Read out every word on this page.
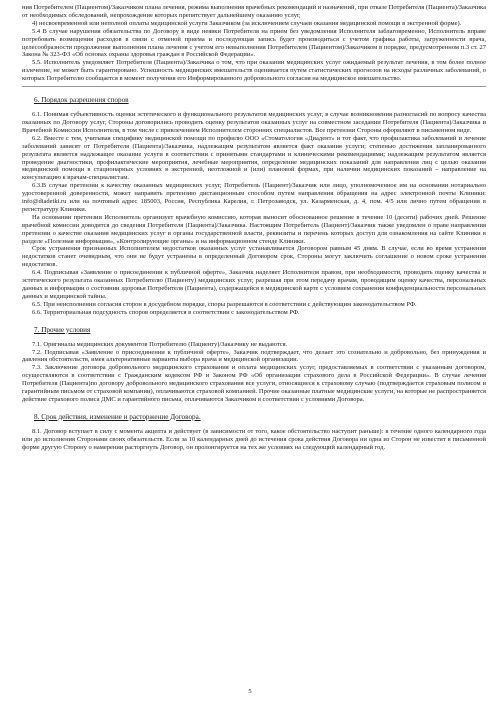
ния Потребителем (Пациентом)/Заказчиком плана лечения, режима выполнения врачебных рекомендаций и назначений, при отказе Потребителя (Пациента)/Заказчика от необходимых обследований, непрохождение которых препятствует дальнейшему оказанию услуг,

4) несвоевременной или неполной оплаты медицинской услуги Заказчиком (за исключением случаев оказания медицинской помощи в экстренной форме).

5.4 В случае нарушения обязательства по Договору в виде неявки Потребителя на прием без уведомления Исполнителя заблаговременно, Исполнитель вправе потребовать возмещения расходов в связи с отменой приема и последующая запись будет производиться с учетом графика работы, загруженности врача, целесообразности продолжения выполнения плана лечения с учетом его невыполнения Потребителем (Пациентом)/Заказчиком в порядке, предусмотренном п.3 ст. 27 Закона № 323-ФЗ «Об основах охраны здоровья граждан в Российской Федерации».

5.5. Исполнитель уведомляет Потребителя (Пациента)/Заказчика о том, что при оказании медицинских услуг ожидаемый результат лечения, в том более полное излечение, не может быть гарантировано. Успешность медицинских вмешательств оценивается путем статистических прогнозов на исходы различных заболеваний, о которых Потребителю сообщается в момент получения его Информированного добровольного согласия на медицинское вмешательство.

6. Порядок разрешения споров

6.1. Понимая субъективность оценки эстетического и функционального результатов медицинских услуг, в случае возникновения разногласий по вопросу качества оказанных по Договору услуг, Стороны договорились проводить оценку результатов оказанных услуг на совместном заседании Потребителя (Пациента)/Заказчика и Врачебной Комиссии Исполнителя, в том числе с привлечением Исполнителем сторонних специалистов. Все претензии Стороны оформляют в письменном виде.

6.2. Вместе с тем, учитывая специфику медицинской помощи по профилю ООО «Стоматология «Диадент» и тот факт, что профилактика заболеваний и лечение заболеваний зависят от Потребителя (Пациента)/Заказчика, надлежащим результатом является факт оказания услуги; степенью достижения запланированного результата является надлежащее оказание услуги в соответствии с принятыми стандартами и клиническими рекомендациями; надлежащим результатом является проведение диагностики, профилактические мероприятия, лечебные мероприятия, определение медицинских показаний для направления лиц с целью оказания медицинской помощи в стационарных условиях в экстренной, неотложной и (или) плановой формах, при наличии медицинских показаний – направление на консультацию к врачам-специалистам.

6.3.В случае претензии к качеству оказанных медицинских услуг, Потребитель (Пациент)/Заказчик или лицо, уполномоченное им на основании нотариально удостоверенной доверенности, может направить претензию дистанционным способом путем направления обращения на адрес электронной почты Клиники: info@diadetki.ru или на почтовый адрес 185003, Россия, Республика Карелия, г. Петрозаводск, ул. Казарменская, д. 4, пом. 4/5 или лично путем обращения в регистратуру Клиники.

На основании претензии Исполнитель организует врачебную комиссию, которая выносит обоснованное решение в течение 10 (десяти) рабочих дней. Решение врачебной комиссии доводится до сведения Потребителя (Пациента)/Заказчика. Настоящим Потребитель (Пациент)/Заказчик также уведомлен о праве направления претензии о качестве оказания медицинских услуг в органы государственной власти, реквизиты и перечень которых доступ для ознакомления на сайте Клиники в разделе «Полезная информация», «Контролирующие органы» и на информационном стенде Клиники.

Срок устранения признанных Исполнителем недостатков оказанных услуг устанавливается Договором равным 45 дням. В случае, если во время устранения недостатков станет очевидным, что они не будут устранены в определенный Договором срок, Стороны могут заключить соглашение о новом сроке устранения недостатков.

6.4. Подписывая «Заявление о присоединении к публичной оферте», Заказчик наделяет Исполнителя правом, при необходимости, проводить оценку качества и эстетического результата оказанных Потребителю (Пациенту) медицинских услуг, разрешая при этом передачу врачам, проводящим оценку качества, персональных данных и информации о состоянии здоровья Потребителя (Пациента), содержащейся в медицинской карте с условием сохранения конфиденциальности персональных данных и медицинской тайны.

6.5. При неисполнении согласия сторон в досудебном порядке, споры разрешаются в соответствии с действующим законодательством РФ.

6.6. Территориальная подсудность споров определяется в соответствии с законодательством РФ.

7. Прочие условия

7.1. Оригиналы медицинских документов Потребителю (Пациенту)/Заказчику не выдаются.

7.2. Подписывая «Заявление о присоединении к публичной оферте», Заказчик подтверждает, что делает это сознательно и добровольно, без принуждения и давления обстоятельств, имея альтернативные варианты выбора врача и медицинской организации.

7.3. Заключение договора добровольного медицинского страхования и оплата медицинских услуг, предоставляемых в соответствии с указанным договором, осуществляются в соответствии с Гражданским кодексом РФ и Законом РФ «Об организации страхового дела в Российской Федерации». В случае лечения Потребителя (Пациента)по договору добровольного медицинского страхования все услуги, относящиеся к страховому случаю (подтверждается страховым полисом и гарантийным письмом от страховой компании), оплачиваются страховой компанией. Прочие оказанные платные медицинские услуги, на которые не распространяется действие страхового полиса ДМС и гарантийного письма, оплачиваются Заказчиком в соответствии с условиями Договора.

8. Срок действия, изменение и расторжение Договора.

8.1. Договор вступает в силу с момента акцепта и действует (в зависимости от того, какое обстоятельство наступит раньше): в течение одного календарного года или до исполнения Сторонами своих обязательств. Если за 10 календарных дней до истечения срока действия Договора ни одна из Сторон не известит в письменной форме другую Сторону о намерении расторгнуть Договор, он пролонгируется на тех же условиях на следующий календарный год.

5
